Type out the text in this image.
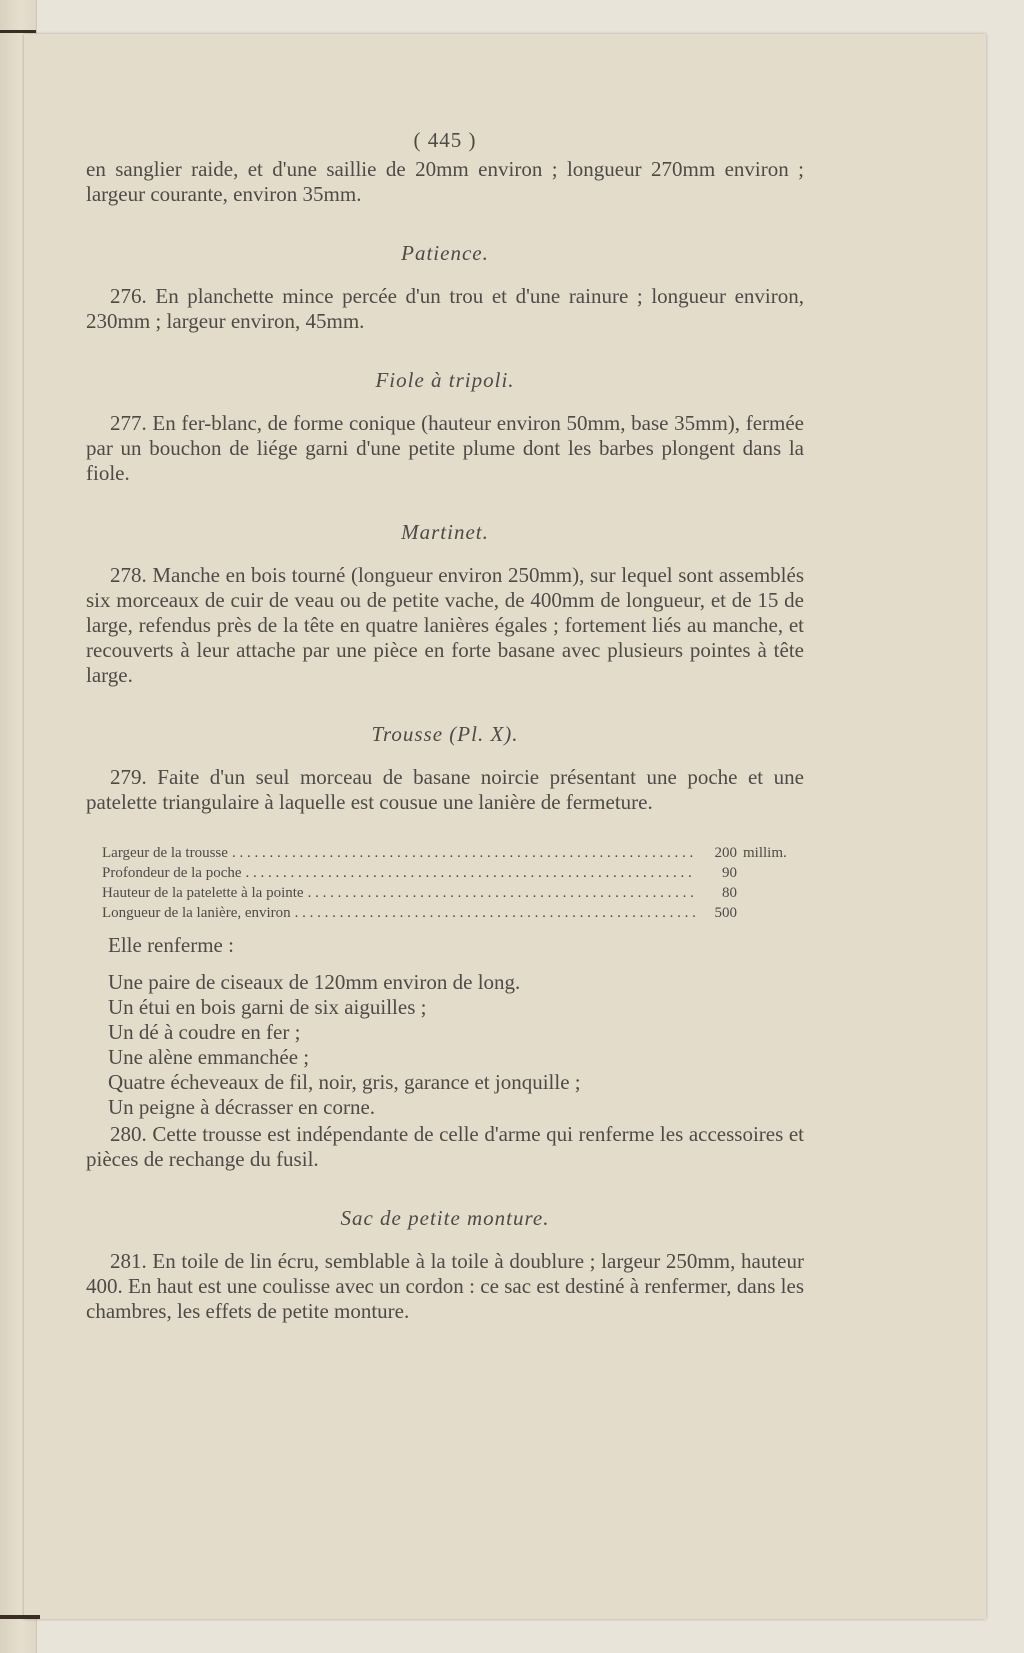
( 445 )

en sanglier raide, et d'une saillie de 20mm environ ; longueur 270mm environ ; largeur courante, environ 35mm.

Patience.

276. En planchette mince percée d'un trou et d'une rainure ; longueur environ, 230mm ; largeur environ, 45mm.

Fiole à tripoli.

277. En fer-blanc, de forme conique (hauteur environ 50mm, base 35mm), fermée par un bouchon de liége garni d'une petite plume dont les barbes plongent dans la fiole.

Martinet.

278. Manche en bois tourné (longueur environ 250mm), sur lequel sont assemblés six morceaux de cuir de veau ou de petite vache, de 400mm de longueur, et de 15 de large, refendus près de la tête en quatre lanières égales ; fortement liés au manche, et recouverts à leur attache par une pièce en forte basane avec plusieurs pointes à tête large.

Trousse (Pl. X).

279. Faite d'un seul morceau de basane noircie présentant une poche et une patelette triangulaire à laquelle est cousue une lanière de fermeture.

Largeur de la trousse . . .	200 millim.
Profondeur de la poche . . .	90
Hauteur de la patelette à la pointe . . .	80
Longueur de la lanière, environ . . .	500

Elle renferme :

Une paire de ciseaux de 120mm environ de long.

Un étui en bois garni de six aiguilles ;

Un dé à coudre en fer ;

Une alène emmanchée ;

Quatre écheveaux de fil, noir, gris, garance et jonquille ;

Un peigne à décrasser en corne.

280. Cette trousse est indépendante de celle d'arme qui renferme les accessoires et pièces de rechange du fusil.

Sac de petite monture.

281. En toile de lin écru, semblable à la toile à doublure ; largeur 250mm, hauteur 400. En haut est une coulisse avec un cordon : ce sac est destiné à renfermer, dans les chambres, les effets de petite monture.
